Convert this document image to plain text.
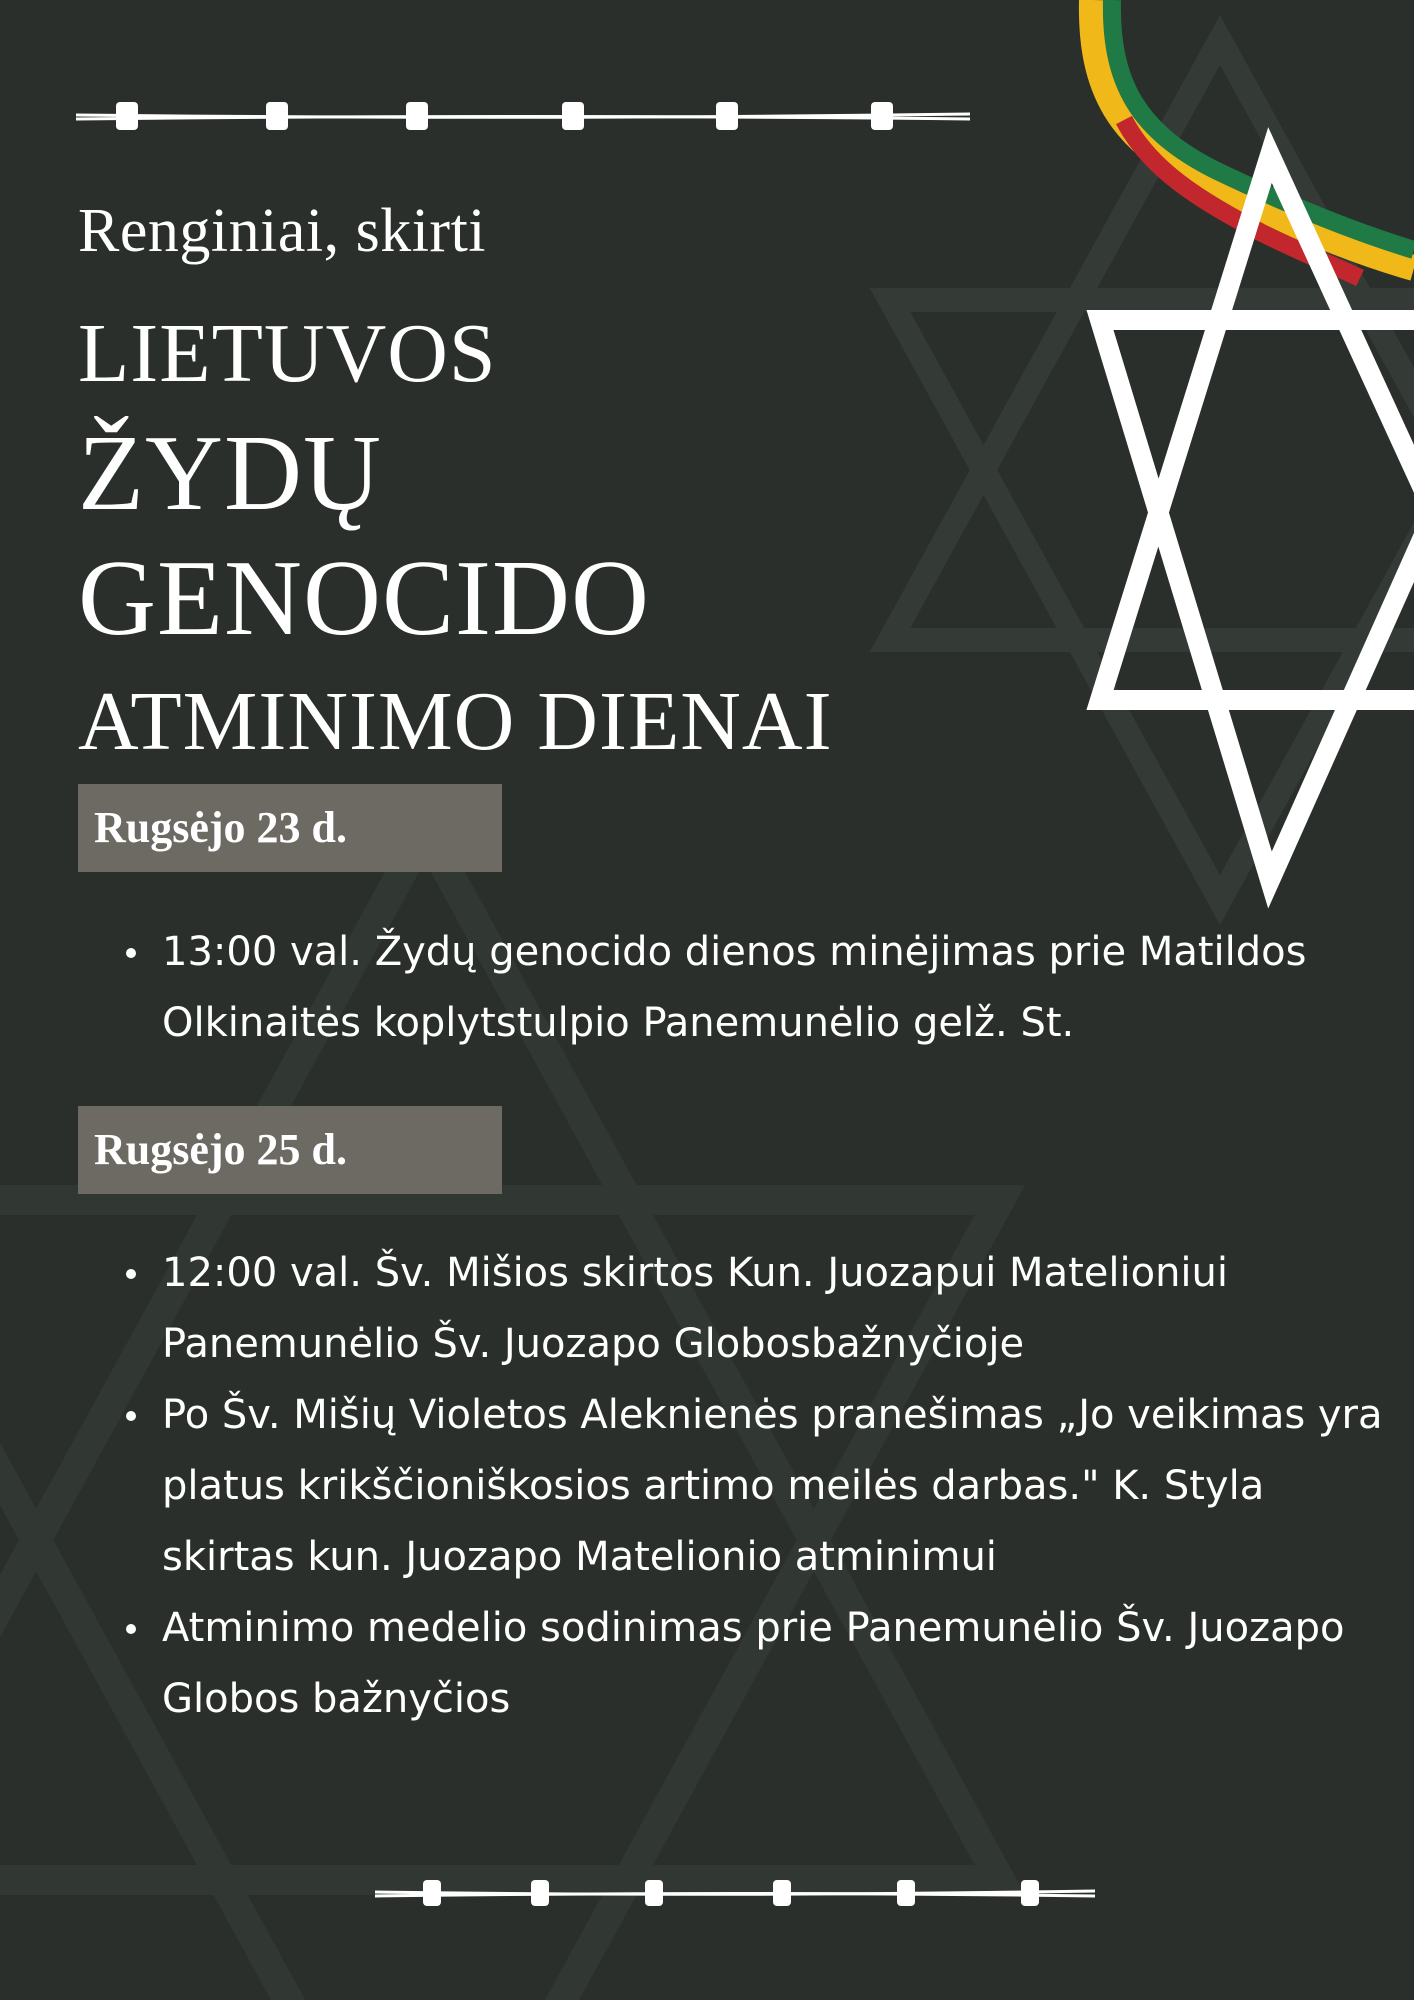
Renginiai, skirti
LIETUVOS
ŽYDŲ
GENOCIDO
ATMINIMO DIENAI
Rugsėjo 23 d.
13:00 val. Žydų genocido dienos minėjimas prie Matildos Olkinaitės koplytstulpio Panemunėlio gelž. St.
Rugsėjo 25 d.
12:00 val. Šv. Mišios skirtos Kun. Juozapui Matelioniui Panemunėlio Šv. Juozapo Globosbažnyčioje
Po Šv. Mišių Violetos Aleknienės pranešimas „Jo veikimas yra platus krikščioniškosios artimo meilės darbas." K. Styla skirtas kun. Juozapo Matelionio atminimui
Atminimo medelio sodinimas prie Panemunėlio Šv. Juozapo Globos bažnyčios
